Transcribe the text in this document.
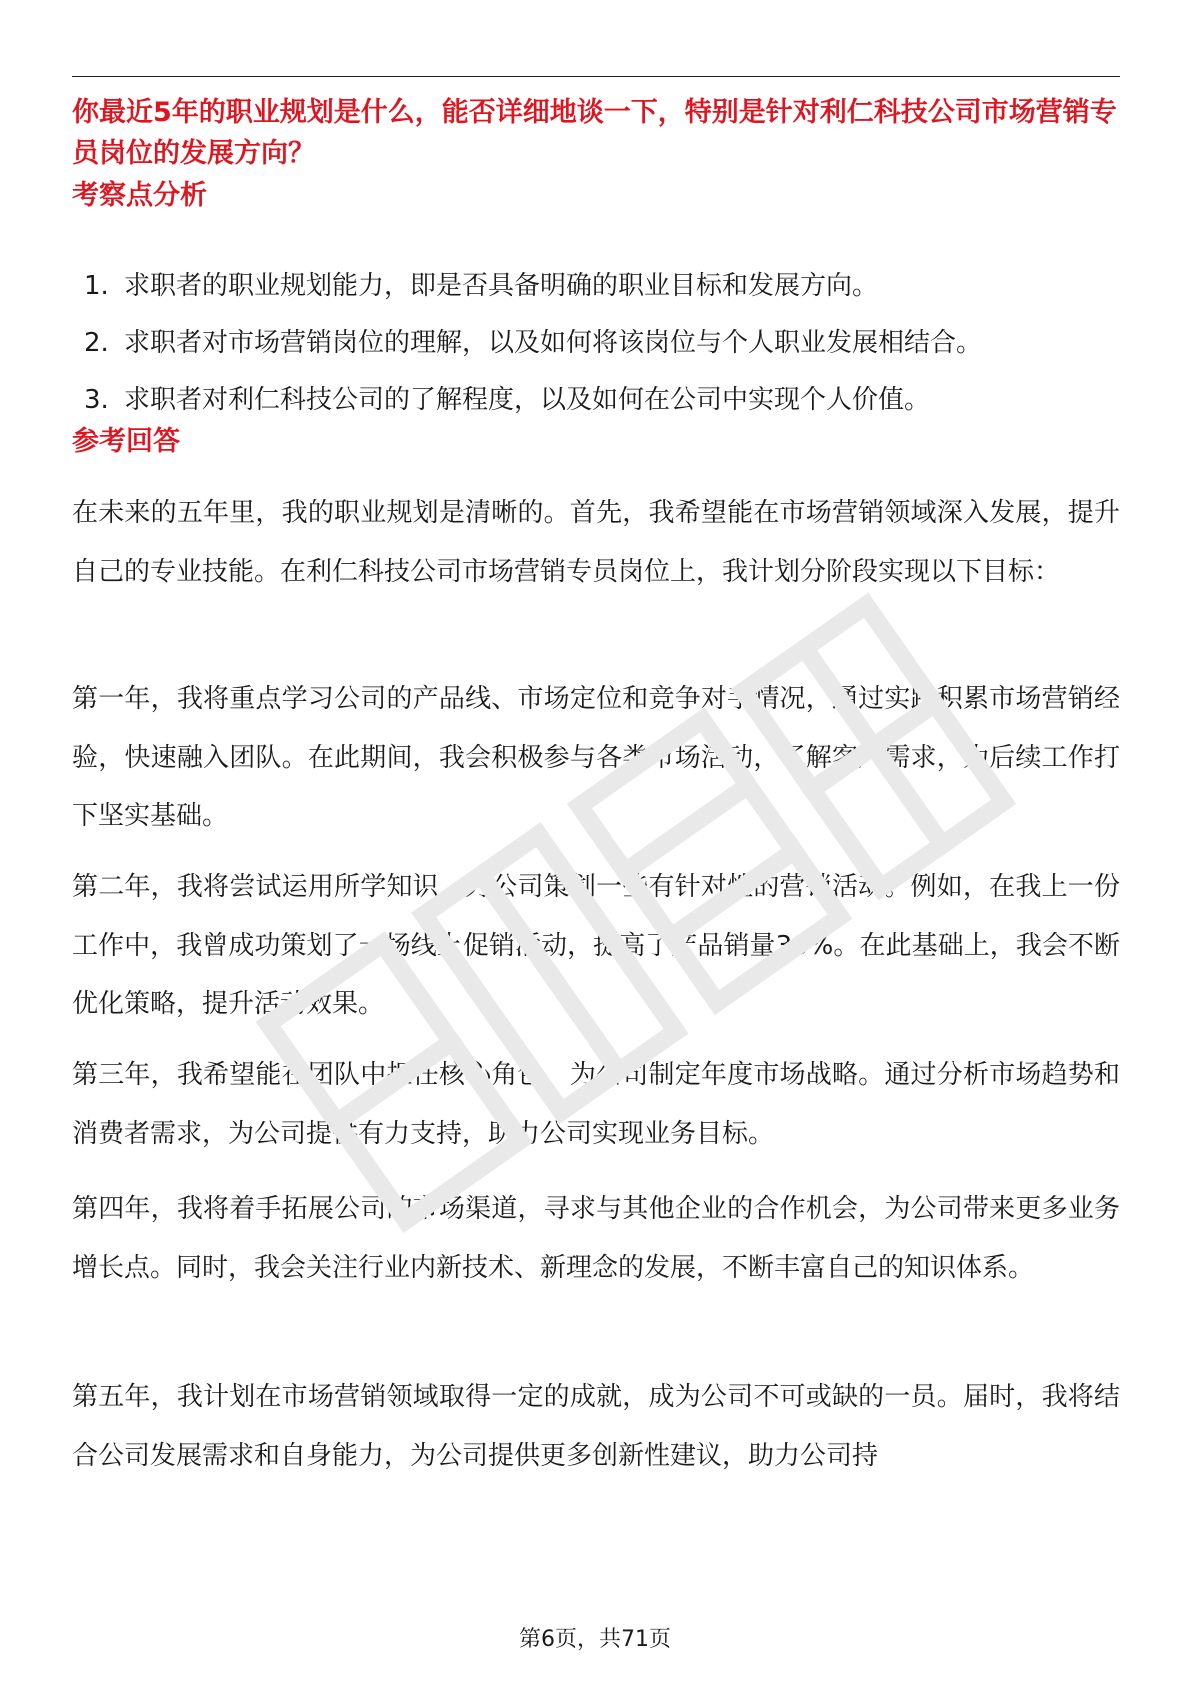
你最近5年的职业规划是什么，能否详细地谈一下，特别是针对利仁科技公司市场营销专员岗位的发展方向？

考察点分析
1. 求职者的职业规划能力，即是否具备明确的职业目标和发展方向。
2. 求职者对市场营销岗位的理解，以及如何将该岗位与个人职业发展相结合。
3. 求职者对利仁科技公司的了解程度，以及如何在公司中实现个人价值。
参考回答

在未来的五年里，我的职业规划是清晰的。首先，我希望能在市场营销领域深入发展，提升自己的专业技能。在利仁科技公司市场营销专员岗位上，我计划分阶段实现以下目标：

第一年，我将重点学习公司的产品线、市场定位和竞争对手情况，通过实践积累市场营销经验，快速融入团队。在此期间，我会积极参与各类市场活动，了解客户需求，为后续工作打下坚实基础。

第二年，我将尝试运用所学知识，为公司策划一些有针对性的营销活动。例如，在我上一份工作中，我曾成功策划了一场线上促销活动，提高了产品销量30%。在此基础上，我会不断优化策略，提升活动效果。

第三年，我希望能在团队中担任核心角色，为公司制定年度市场战略。通过分析市场趋势和消费者需求，为公司提供有力支持，助力公司实现业务目标。

第四年，我将着手拓展公司的市场渠道，寻求与其他企业的合作机会，为公司带来更多业务增长点。同时，我会关注行业内新技术、新理念的发展，不断丰富自己的知识体系。

第五年，我计划在市场营销领域取得一定的成就，成为公司不可或缺的一员。届时，我将结合公司发展需求和自身能力，为公司提供更多创新性建议，助力公司持

第6页，共71页
